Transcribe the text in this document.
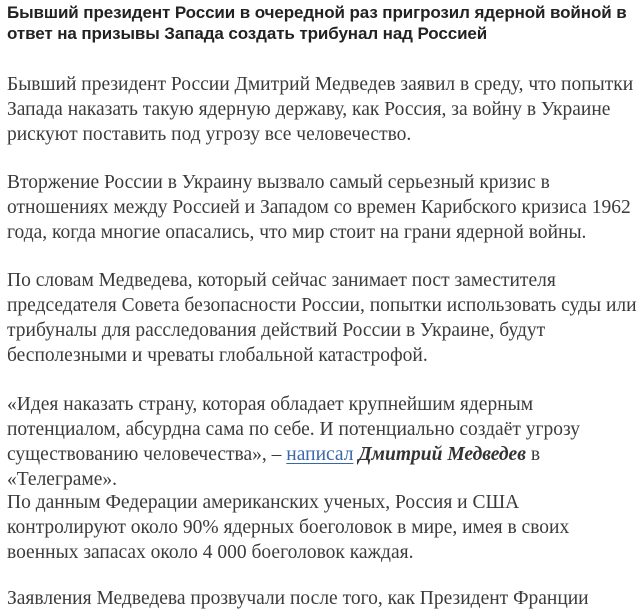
Бывший президент России в очередной раз пригрозил ядерной войной в ответ на призывы Запада создать трибунал над Россией

Бывший президент России Дмитрий Медведев заявил в среду, что попытки Запада наказать такую ядерную державу, как Россия, за войну в Украине рискуют поставить под угрозу все человечество.

Вторжение России в Украину вызвало самый серьезный кризис в отношениях между Россией и Западом со времен Карибского кризиса 1962 года, когда многие опасались, что мир стоит на грани ядерной войны.

По словам Медведева, который сейчас занимает пост заместителя председателя Совета безопасности России, попытки использовать суды или трибуналы для расследования действий России в Украине, будут бесполезными и чреваты глобальной катастрофой.

«Идея наказать страну, которая обладает крупнейшим ядерным потенциалом, абсурдна сама по себе. И потенциально создаёт угрозу существованию человечества», – написал Дмитрий Медведев в «Телеграме».

По данным Федерации американских ученых, Россия и США контролируют около 90% ядерных боеголовок в мире, имея в своих военных запасах около 4 000 боеголовок каждая.

Заявления Медведева прозвучали после того, как Президент Франции
